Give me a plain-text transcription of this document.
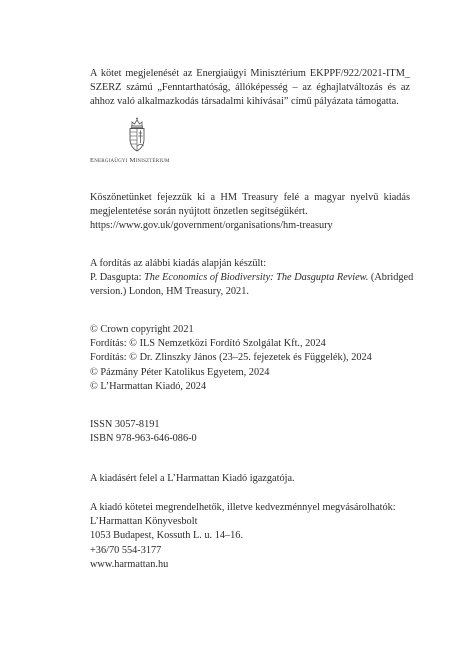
A kötet megjelenését az Energiaügyi Minisztérium EKPPF/922/2021-ITM_
SZERZ számú „Fenntarthatóság, állóképesség – az éghajlatváltozás és az
ahhoz való alkalmazkodás társadalmi kihívásai” című pályázata támogatta.
Energiaügyi Minisztérium
Köszönetünket fejezzük ki a HM Treasury felé a magyar nyelvű kiadás
megjelentetése során nyújtott önzetlen segítségükért.
https://www.gov.uk/government/organisations/hm-treasury
A fordítás az alábbi kiadás alapján készült:
P. Dasgupta: The Economics of Biodiversity: The Dasgupta Review. (Abridged
version.) London, HM Treasury, 2021.
© Crown copyright 2021
Fordítás: © ILS Nemzetközi Fordító Szolgálat Kft., 2024
Fordítás: © Dr. Zlinszky János (23–25. fejezetek és Függelék), 2024
© Pázmány Péter Katolikus Egyetem, 2024
© L’Harmattan Kiadó, 2024
ISSN 3057-8191
ISBN 978-963-646-086-0
A kiadásért felel a L’Harmattan Kiadó igazgatója.
A kiadó kötetei megrendelhetők, illetve kedvezménnyel megvásárolhatók:
L’Harmattan Könyvesbolt
1053 Budapest, Kossuth L. u. 14–16.
+36/70 554-3177
www.harmattan.hu
